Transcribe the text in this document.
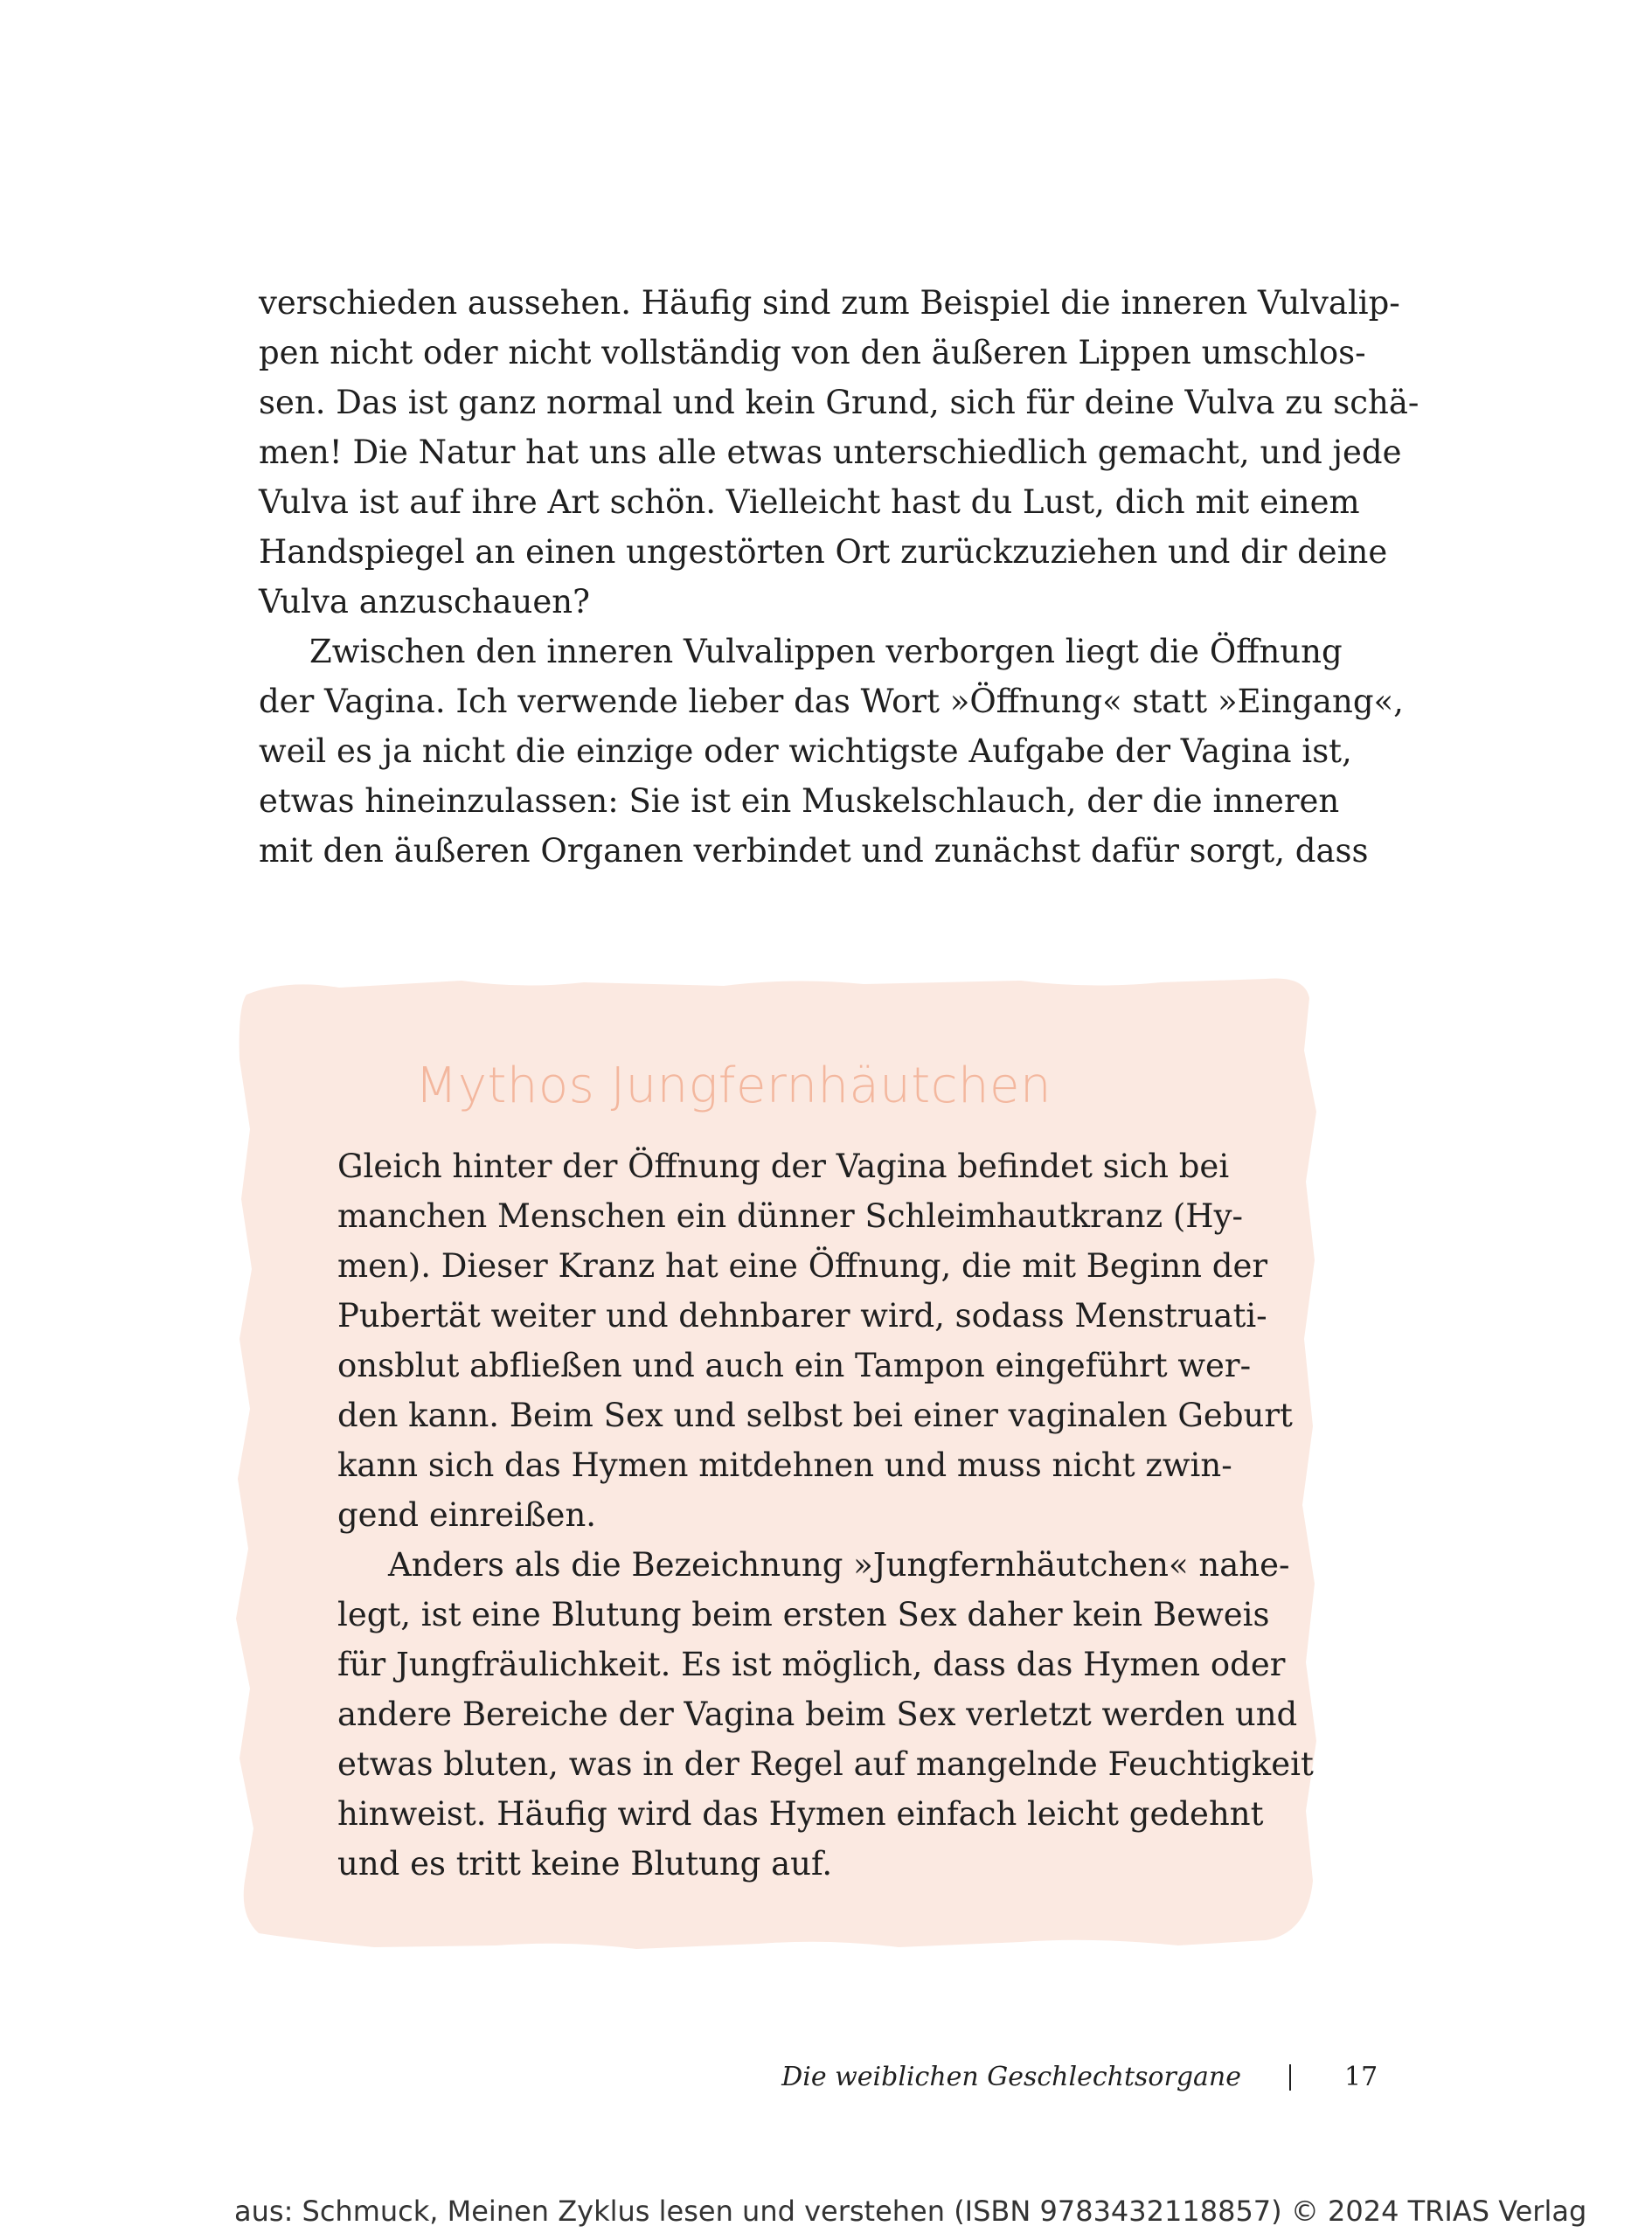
verschieden aussehen. Häufig sind zum Beispiel die inneren Vulvalip-
pen nicht oder nicht vollständig von den äußeren Lippen umschlos-
sen. Das ist ganz normal und kein Grund, sich für deine Vulva zu schä-
men! Die Natur hat uns alle etwas unterschiedlich gemacht, und jede
Vulva ist auf ihre Art schön. Vielleicht hast du Lust, dich mit einem
Handspiegel an einen ungestörten Ort zurückzuziehen und dir deine
Vulva anzuschauen?
Zwischen den inneren Vulvalippen verborgen liegt die Öffnung
der Vagina. Ich verwende lieber das Wort »Öffnung« statt »Eingang«,
weil es ja nicht die einzige oder wichtigste Aufgabe der Vagina ist,
etwas hineinzulassen: Sie ist ein Muskelschlauch, der die inneren
mit den äußeren Organen verbindet und zunächst dafür sorgt, dass
Mythos Jungfernhäutchen
Gleich hinter der Öffnung der Vagina befindet sich bei
manchen Menschen ein dünner Schleimhautkranz (Hy-
men). Dieser Kranz hat eine Öffnung, die mit Beginn der
Pubertät weiter und dehnbarer wird, sodass Menstruati-
onsblut abfließen und auch ein Tampon eingeführt wer-
den kann. Beim Sex und selbst bei einer vaginalen Geburt
kann sich das Hymen mitdehnen und muss nicht zwin-
gend einreißen.
Anders als die Bezeichnung »Jungfernhäutchen« nahe-
legt, ist eine Blutung beim ersten Sex daher kein Beweis
für Jungfräulichkeit. Es ist möglich, dass das Hymen oder
andere Bereiche der Vagina beim Sex verletzt werden und
etwas bluten, was in der Regel auf mangelnde Feuchtigkeit
hinweist. Häufig wird das Hymen einfach leicht gedehnt
und es tritt keine Blutung auf.
Die weiblichen Geschlechtsorgane	17
aus: Schmuck, Meinen Zyklus lesen und verstehen (ISBN 9783432118857) © 2024 TRIAS Verlag
